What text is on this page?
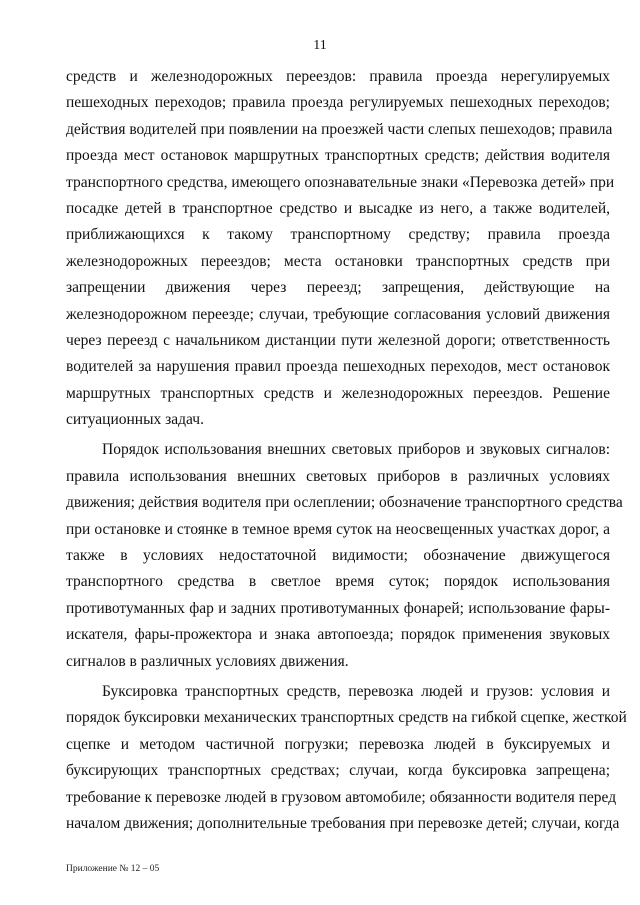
11
средств и железнодорожных переездов: правила проезда нерегулируемых
пешеходных переходов; правила проезда регулируемых пешеходных переходов;
действия водителей при появлении на проезжей части слепых пешеходов; правила
проезда мест остановок маршрутных транспортных средств; действия водителя
транспортного средства, имеющего опознавательные знаки «Перевозка детей» при
посадке детей в транспортное средство и высадке из него, а также водителей,
приближающихся к такому транспортному средству; правила проезда
железнодорожных переездов; места остановки транспортных средств при
запрещении движения через переезд; запрещения, действующие на
железнодорожном переезде; случаи, требующие согласования условий движения
через переезд с начальником дистанции пути железной дороги; ответственность
водителей за нарушения правил проезда пешеходных переходов, мест остановок
маршрутных транспортных средств и железнодорожных переездов. Решение
ситуационных задач.
Порядок использования внешних световых приборов и звуковых сигналов:
правила использования внешних световых приборов в различных условиях
движения; действия водителя при ослеплении; обозначение транспортного средства
при остановке и стоянке в темное время суток на неосвещенных участках дорог, а
также в условиях недостаточной видимости; обозначение движущегося
транспортного средства в светлое время суток; порядок использования
противотуманных фар и задних противотуманных фонарей; использование фары-
искателя, фары-прожектора и знака автопоезда; порядок применения звуковых
сигналов в различных условиях движения.
Буксировка транспортных средств, перевозка людей и грузов: условия и
порядок буксировки механических транспортных средств на гибкой сцепке, жесткой
сцепке и методом частичной погрузки; перевозка людей в буксируемых и
буксирующих транспортных средствах; случаи, когда буксировка запрещена;
требование к перевозке людей в грузовом автомобиле; обязанности водителя перед
началом движения; дополнительные требования при перевозке детей; случаи, когда
Приложение № 12 – 05
